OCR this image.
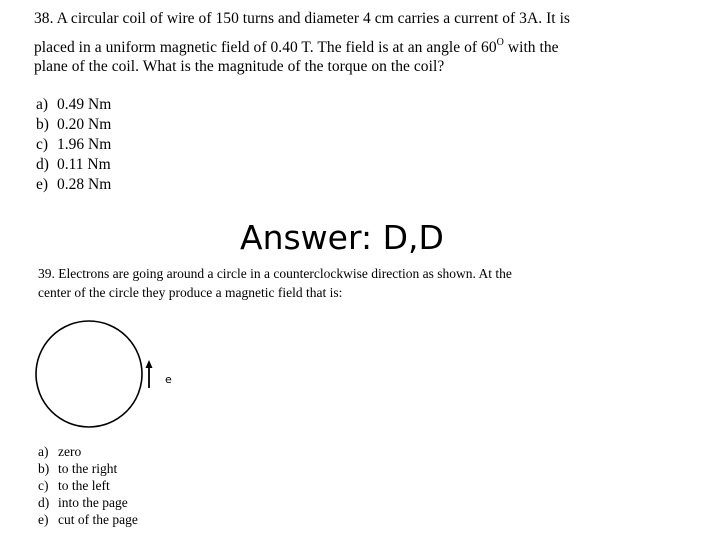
38. A circular coil of wire of 150 turns and diameter 4 cm carries a current of 3A. It is
placed in a uniform magnetic field of 0.40 T. The field is at an angle of $60^O$ with the
plane of the coil. What is the magnitude of the torque on the coil?
a) 0.49 Nm
b) 0.20 Nm
c) 1.96 Nm
d) 0.11 Nm
e) 0.28 Nm
Answer: D,D
39. Electrons are going around a circle in a counterclockwise direction as shown. At the
center of the circle they produce a magnetic field that is:
e
a) zero
b) to the right
c) to the left
d) into the page
e) cut of the page
